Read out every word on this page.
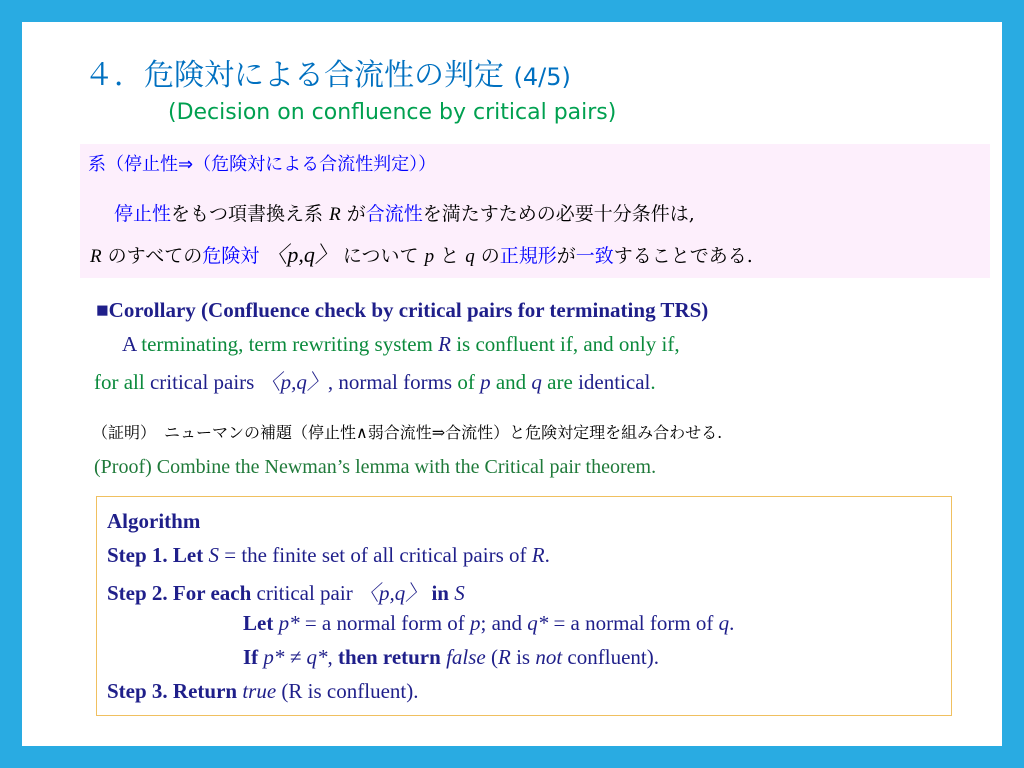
４．危険対による合流性の判定 (4/5)
(Decision on confluence by critical pairs)
系（停止性⇒（危険対による合流性判定））
停止性をもつ項書換え系 R が合流性を満たすための必要十分条件は,
R のすべての危険対 〈p,q〉 について p と q の正規形が一致することである.
■Corollary (Confluence check by critical pairs for terminating TRS)
A terminating, term rewriting system R is confluent if, and only if,
for all critical pairs 〈p,q〉, normal forms of p and q are identical.
（証明）　ニューマンの補題（停止性∧弱合流性⇒合流性）と危険対定理を組み合わせる.
(Proof) Combine the Newman’s lemma with the Critical pair theorem.
Algorithm
Step 1. Let S = the finite set of all critical pairs of R.
Step 2. For each critical pair 〈p,q〉 in S
Let p* = a normal form of p; and q* = a normal form of q.
If p* ≠ q*, then return false (R is not confluent).
Step 3. Return true (R is confluent).
